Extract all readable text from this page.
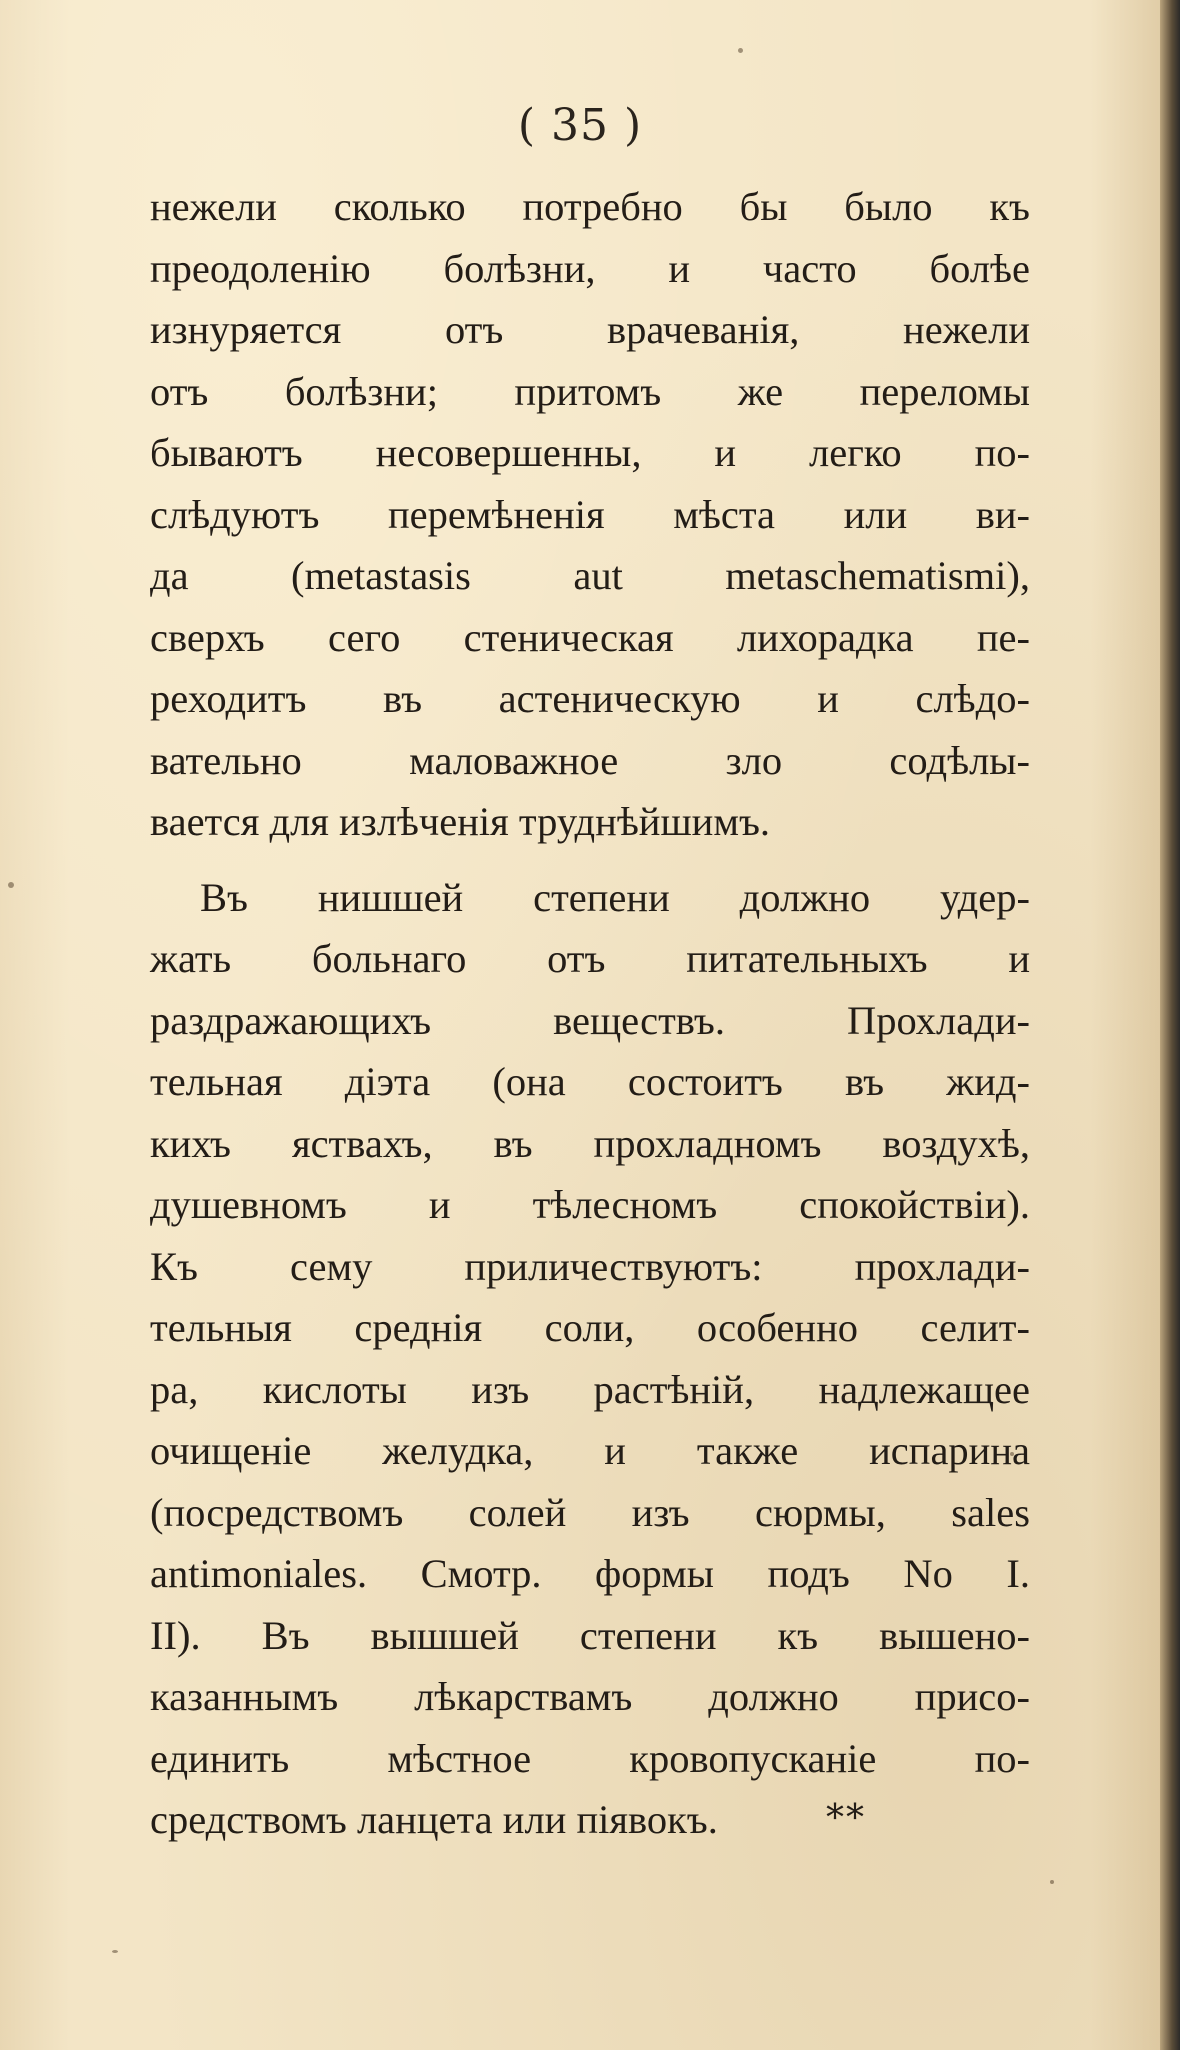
( 35 )
нежели сколько потребно бы было къ
преодоленію болѣзни, и часто болѣе
изнуряется отъ врачеванія, нежели
отъ болѣзни; притомъ же переломы
бываютъ несовершенны, и легко по-
слѣдуютъ перемѣненія мѣста или ви-
да (metastasis aut metaschematismi),
сверхъ сего стеническая лихорадка пе-
реходитъ въ астеническую и слѣдо-
вательно маловажное зло содѣлы-
вается для излѣченія труднѣйшимъ.
Въ нишшей степени должно удер-
жать больнаго отъ питательныхъ и
раздражающихъ веществъ. Прохлади-
тельная діэта (она состоитъ въ жид-
кихъ яствахъ, въ прохладномъ воздухѣ,
душевномъ и тѣлесномъ спокойствіи).
Къ сему приличествуютъ: прохлади-
тельныя среднія соли, особенно селит-
ра, кислоты изъ растѣній, надлежащее
очищеніе желудка, и также испарина
(посредствомъ солей изъ сюрмы, sales
antimoniales. Смотр. формы подъ No I.
II). Въ вышшей степени къ вышено-
казаннымъ лѣкарствамъ должно присо-
единить мѣстное кровопусканіе по-
средствомъ ланцета или піявокъ.	**
